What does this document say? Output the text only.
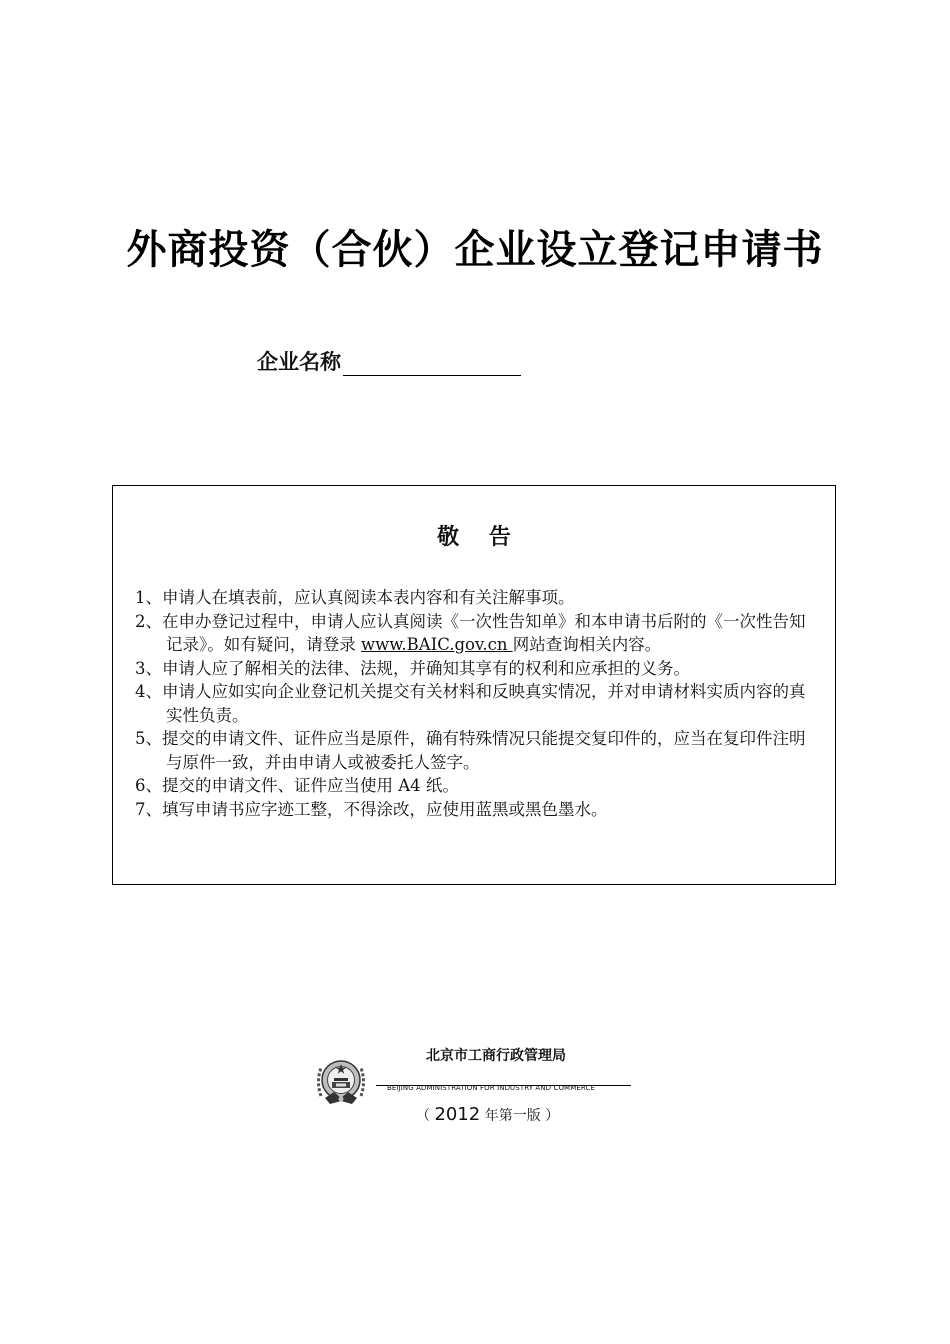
外商投资（合伙）企业设立登记申请书
企业名称
敬 告
1、申请人在填表前，应认真阅读本表内容和有关注解事项。
2、在申办登记过程中，申请人应认真阅读《一次性告知单》和本申请书后附的《一次性告知记录》。如有疑问，请登录 www.BAIC.gov.cn 网站查询相关内容。
3、申请人应了解相关的法律、法规，并确知其享有的权利和应承担的义务。
4、申请人应如实向企业登记机关提交有关材料和反映真实情况，并对申请材料实质内容的真实性负责。
5、提交的申请文件、证件应当是原件，确有特殊情况只能提交复印件的，应当在复印件注明与原件一致，并由申请人或被委托人签字。
6、提交的申请文件、证件应当使用 A4 纸。
7、填写申请书应字迹工整，不得涂改，应使用蓝黑或黑色墨水。
北京市工商行政管理局
BEIJING ADMINISTRATION FOR INDUSTRY AND COMMERCE
（ 2012 年第一版 ）
